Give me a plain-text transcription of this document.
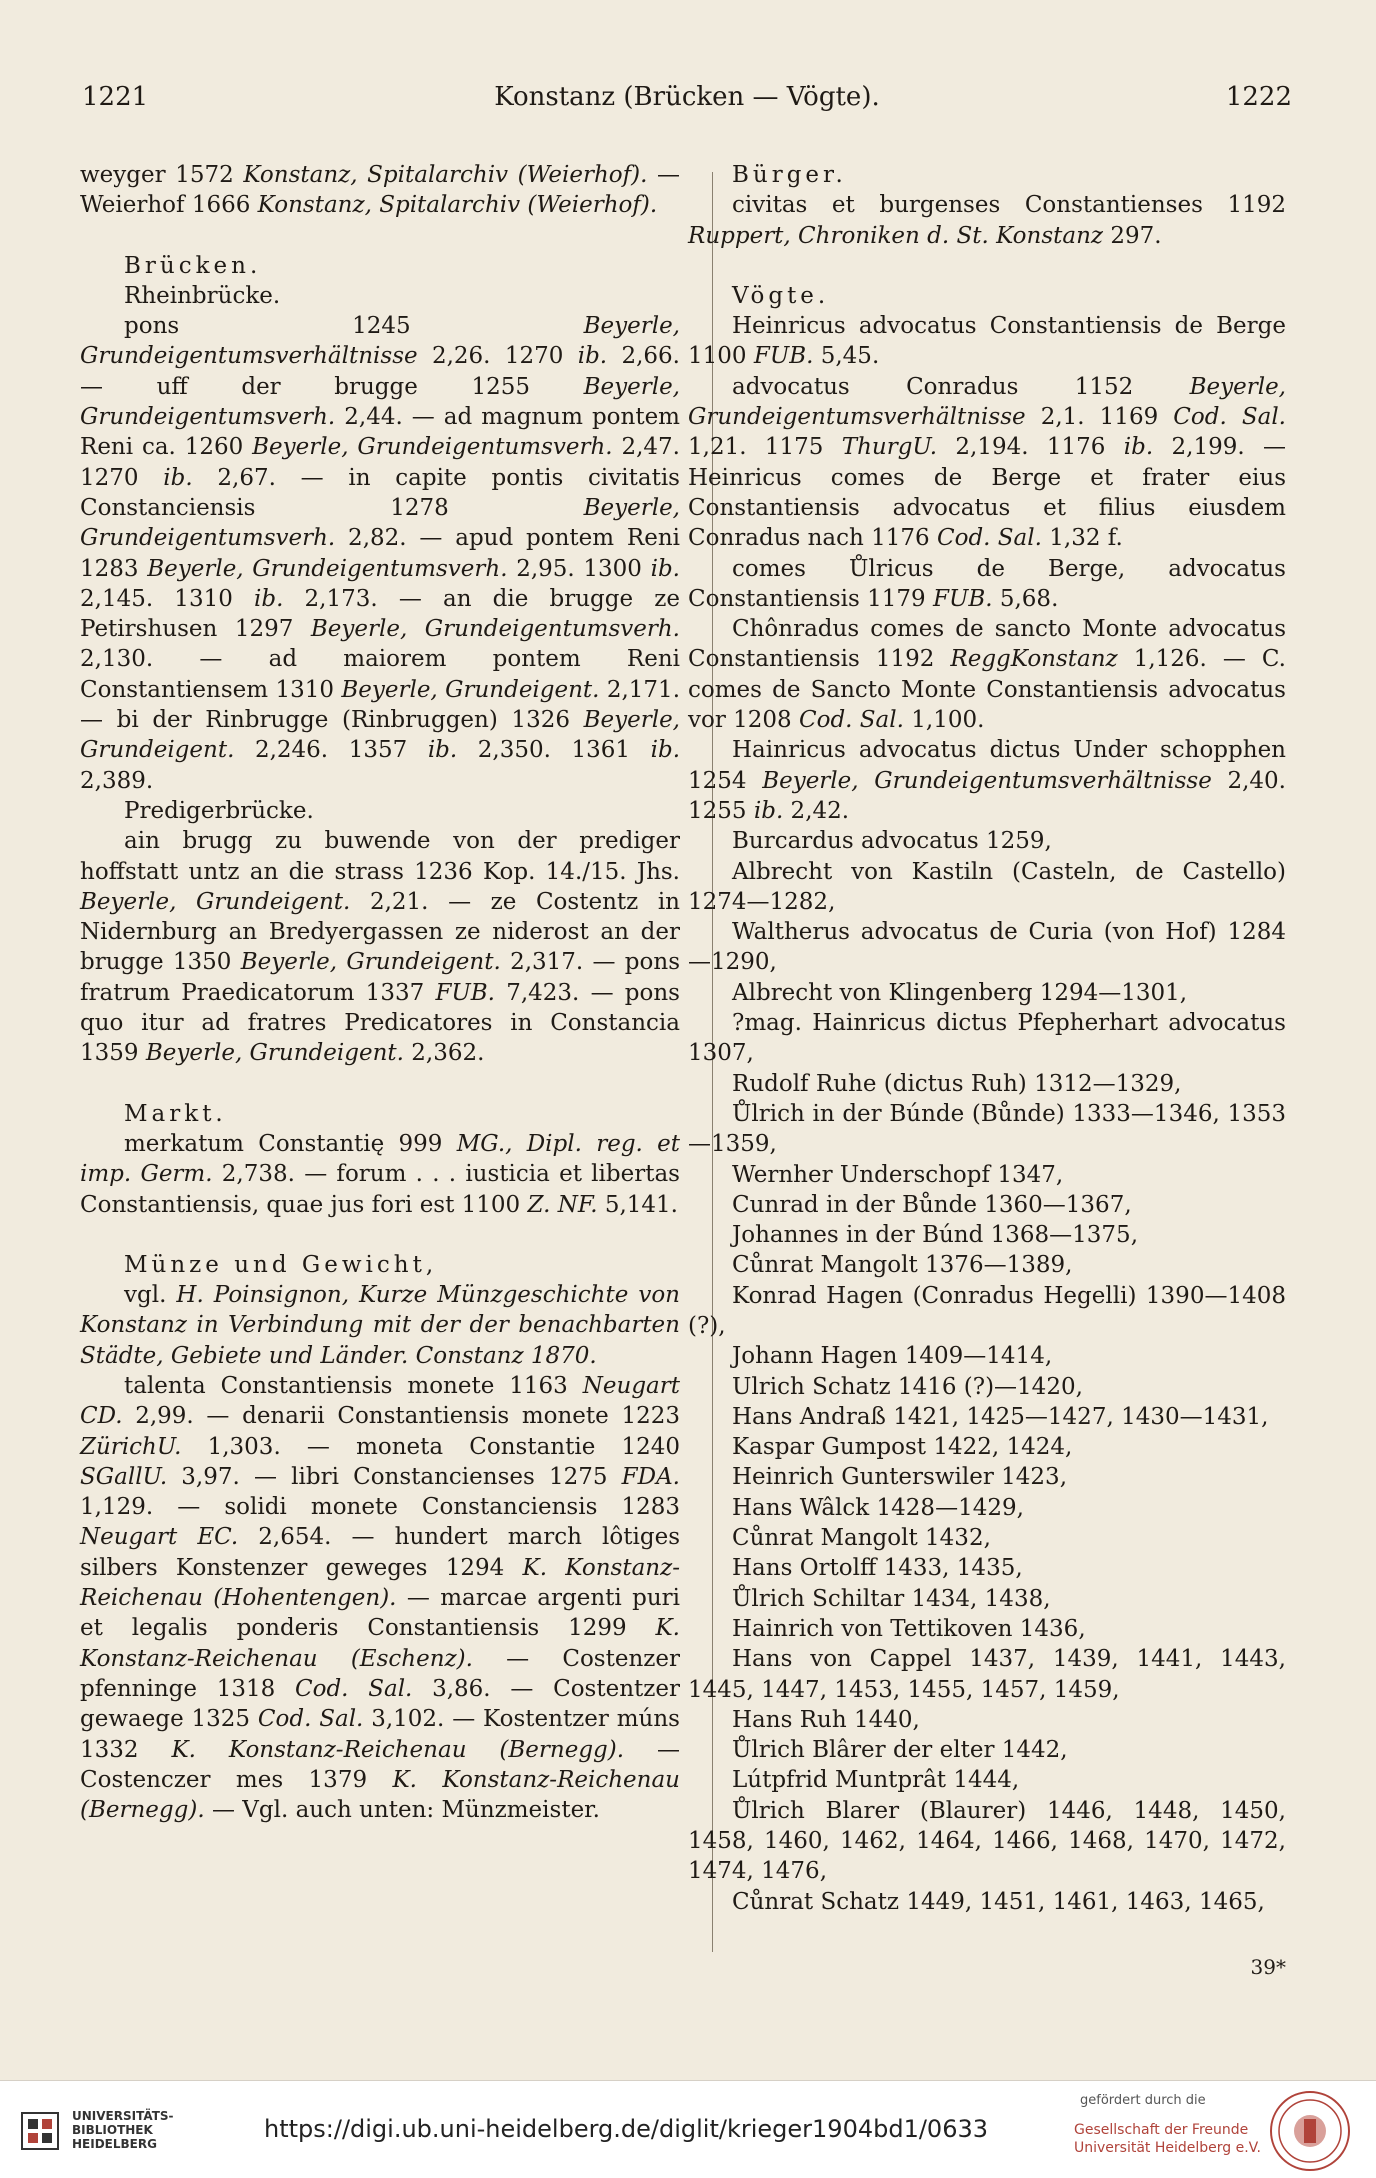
1221	Konstanz (Brücken — Vögte).	1222

weyger 1572 Konstanz, Spitalarchiv (Weierhof). — Weierhof 1666 Konstanz, Spitalarchiv (Weierhof).

Brücken.

Rheinbrücke.

pons 1245 Beyerle, Grundeigentumsverhältnisse 2,26. 1270 ib. 2,66. — uff der brugge 1255 Beyerle, Grundeigentumsverh. 2,44. — ad magnum pontem Reni ca. 1260 Beyerle, Grundeigentumsverh. 2,47. 1270 ib. 2,67. — in capite pontis civitatis Constanciensis 1278 Beyerle, Grundeigentumsverh. 2,82. — apud pontem Reni 1283 Beyerle, Grundeigentumsverh. 2,95. 1300 ib. 2,145. 1310 ib. 2,173. — an die brugge ze Petirshusen 1297 Beyerle, Grundeigentumsverh. 2,130. — ad maiorem pontem Reni Constantiensem 1310 Beyerle, Grundeigent. 2,171. — bi der Rinbrugge (Rinbruggen) 1326 Beyerle, Grundeigent. 2,246. 1357 ib. 2,350. 1361 ib. 2,389.

Predigerbrücke.

ain brugg zu buwende von der prediger hoffstatt untz an die strass 1236 Kop. 14./15. Jhs. Beyerle, Grundeigent. 2,21. — ze Costentz in Nidernburg an Bredyergassen ze niderost an der brugge 1350 Beyerle, Grundeigent. 2,317. — pons fratrum Praedicatorum 1337 FUB. 7,423. — pons quo itur ad fratres Predicatores in Constancia 1359 Beyerle, Grundeigent. 2,362.

Markt.

merkatum Constantię 999 MG., Dipl. reg. et imp. Germ. 2,738. — forum . . . iusticia et libertas Constantiensis, quae jus fori est 1100 Z. NF. 5,141.

Münze und Gewicht,

vgl. H. Poinsignon, Kurze Münzgeschichte von Konstanz in Verbindung mit der der benachbarten Städte, Gebiete und Länder. Constanz 1870.

talenta Constantiensis monete 1163 Neugart CD. 2,99. — denarii Constantiensis monete 1223 ZürichU. 1,303. — moneta Constantie 1240 SGallU. 3,97. — libri Constancienses 1275 FDA. 1,129. — solidi monete Constanciensis 1283 Neugart EC. 2,654. — hundert march lôtiges silbers Konstenzer geweges 1294 K. Konstanz-Reichenau (Hohentengen). — marcae argenti puri et legalis ponderis Constantiensis 1299 K. Konstanz-Reichenau (Eschenz). — Costenzer pfenninge 1318 Cod. Sal. 3,86. — Costentzer gewaege 1325 Cod. Sal. 3,102. — Kostentzer múns 1332 K. Konstanz-Reichenau (Bernegg). — Costenczer mes 1379 K. Konstanz-Reichenau (Bernegg). — Vgl. auch unten: Münzmeister.

Bürger.

civitas et burgenses Constantienses 1192 Ruppert, Chroniken d. St. Konstanz 297.

Vögte.

Heinricus advocatus Constantiensis de Berge 1100 FUB. 5,45.

advocatus Conradus 1152 Beyerle, Grundeigentumsverhältnisse 2,1. 1169 Cod. Sal. 1,21. 1175 ThurgU. 2,194. 1176 ib. 2,199. — Heinricus comes de Berge et frater eius Constantiensis advocatus et filius eiusdem Conradus nach 1176 Cod. Sal. 1,32 f.

comes Ůlricus de Berge, advocatus Constantiensis 1179 FUB. 5,68.

Chônradus comes de sancto Monte advocatus Constantiensis 1192 ReggKonstanz 1,126. — C. comes de Sancto Monte Constantiensis advocatus vor 1208 Cod. Sal. 1,100.

Hainricus advocatus dictus Under schopphen 1254 Beyerle, Grundeigentumsverhältnisse 2,40. 1255 ib. 2,42.

Burcardus advocatus 1259,

Albrecht von Kastiln (Casteln, de Castello) 1274—1282,

Waltherus advocatus de Curia (von Hof) 1284—1290,

Albrecht von Klingenberg 1294—1301,

?mag. Hainricus dictus Pfepherhart advocatus 1307,

Rudolf Ruhe (dictus Ruh) 1312—1329,

Ůlrich in der Búnde (Bůnde) 1333—1346, 1353—1359,

Wernher Underschopf 1347,

Cunrad in der Bůnde 1360—1367,

Johannes in der Búnd 1368—1375,

Cůnrat Mangolt 1376—1389,

Konrad Hagen (Conradus Hegelli) 1390—1408 (?),

Johann Hagen 1409—1414,

Ulrich Schatz 1416 (?)—1420,

Hans Andraß 1421, 1425—1427, 1430—1431,

Kaspar Gumpost 1422, 1424,

Heinrich Gunterswiler 1423,

Hans Wâlck 1428—1429,

Cůnrat Mangolt 1432,

Hans Ortolff 1433, 1435,

Ůlrich Schiltar 1434, 1438,

Hainrich von Tettikoven 1436,

Hans von Cappel 1437, 1439, 1441, 1443, 1445, 1447, 1453, 1455, 1457, 1459,

Hans Ruh 1440,

Ůlrich Blârer der elter 1442,

Lútpfrid Muntprât 1444,

Ůlrich Blarer (Blaurer) 1446, 1448, 1450, 1458, 1460, 1462, 1464, 1466, 1468, 1470, 1472, 1474, 1476,

Cůnrat Schatz 1449, 1451, 1461, 1463, 1465,

39*
UNIVERSITÄTS-
BIBLIOTHEK
HEIDELBERG
https://digi.ub.uni-heidelberg.de/diglit/krieger1904bd1/0633
gefördert durch die
Gesellschaft der Freunde
Universität Heidelberg e.V.
